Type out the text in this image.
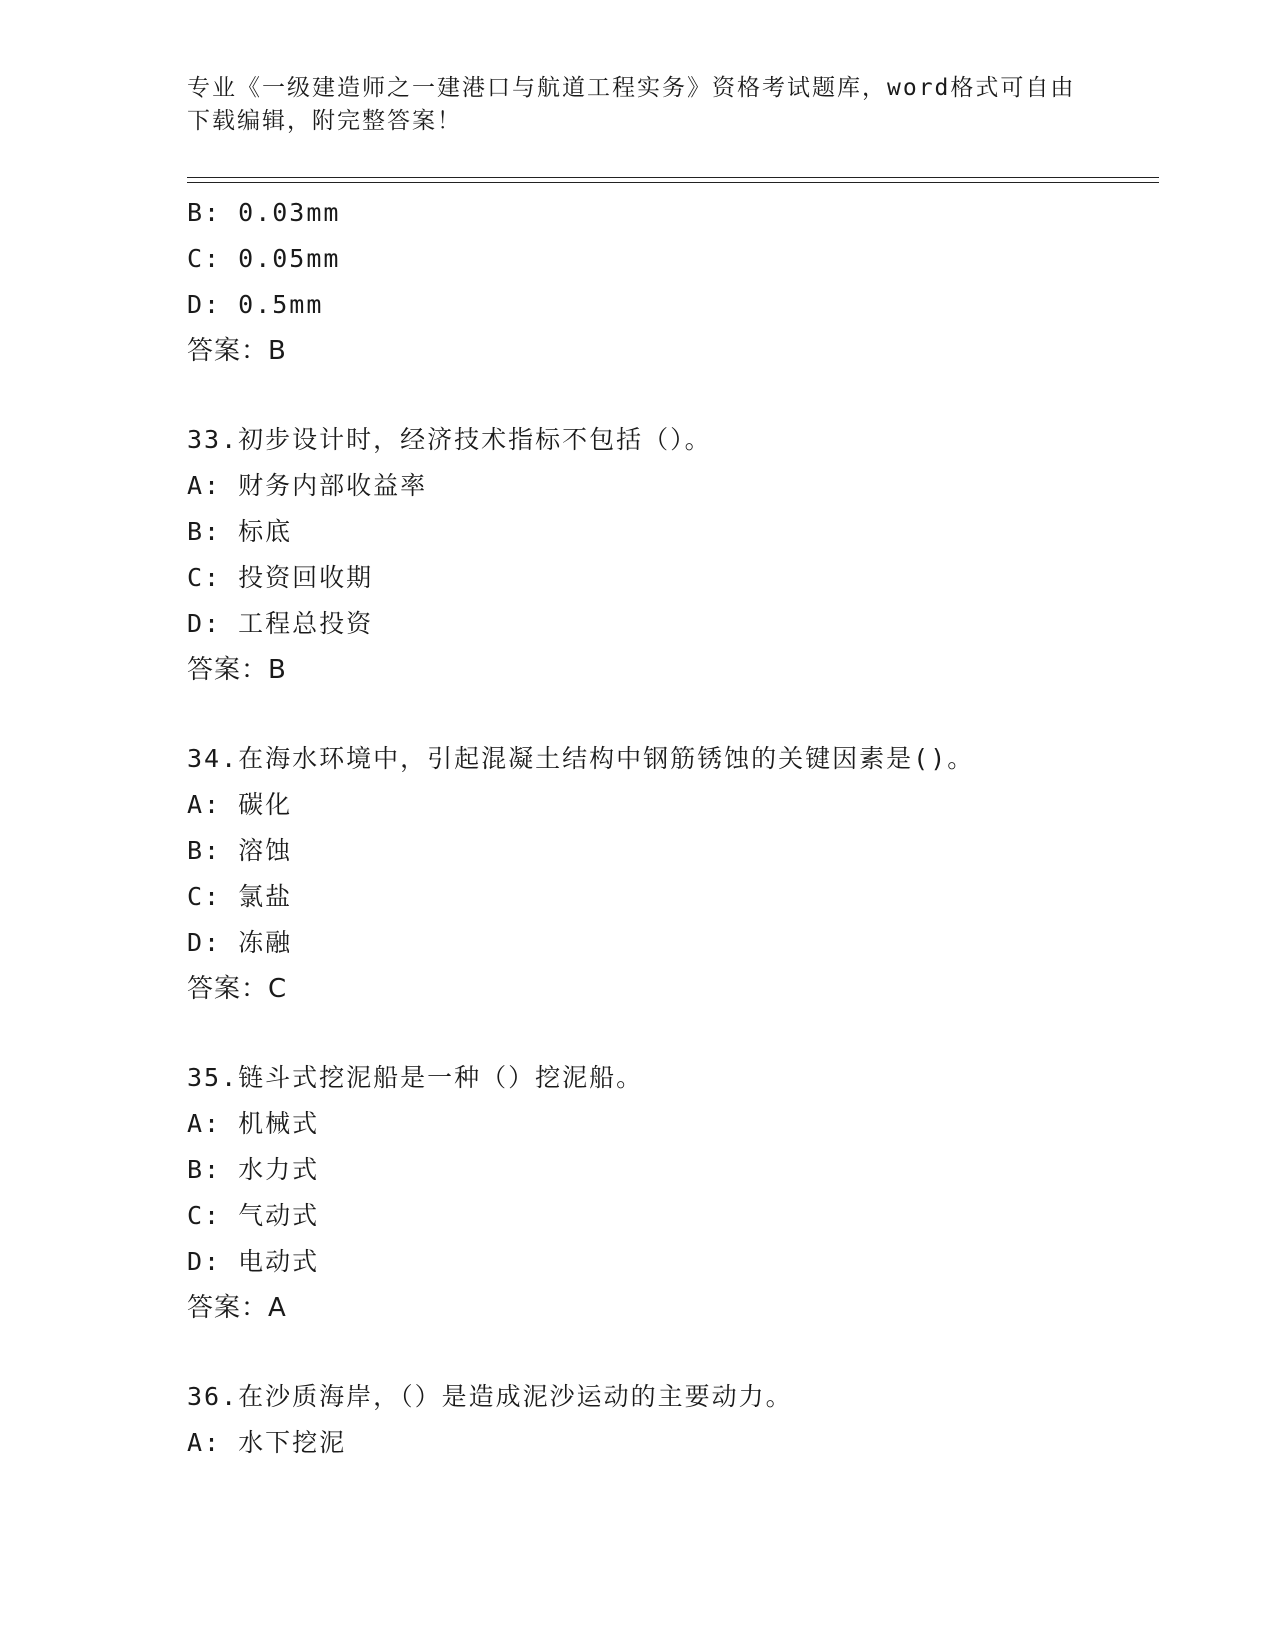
专业《一级建造师之一建港口与航道工程实务》资格考试题库，word格式可自由
下载编辑，附完整答案！
B: 0.03mm
C: 0.05mm
D: 0.5mm
答案：B
33.初步设计时，经济技术指标不包括（）。
A: 财务内部收益率
B: 标底
C: 投资回收期
D: 工程总投资
答案：B
34.在海水环境中，引起混凝土结构中钢筋锈蚀的关键因素是()。
A: 碳化
B: 溶蚀
C: 氯盐
D: 冻融
答案：C
35.链斗式挖泥船是一种（）挖泥船。
A: 机械式
B: 水力式
C: 气动式
D: 电动式
答案：A
36.在沙质海岸，（）是造成泥沙运动的主要动力。
A: 水下挖泥
